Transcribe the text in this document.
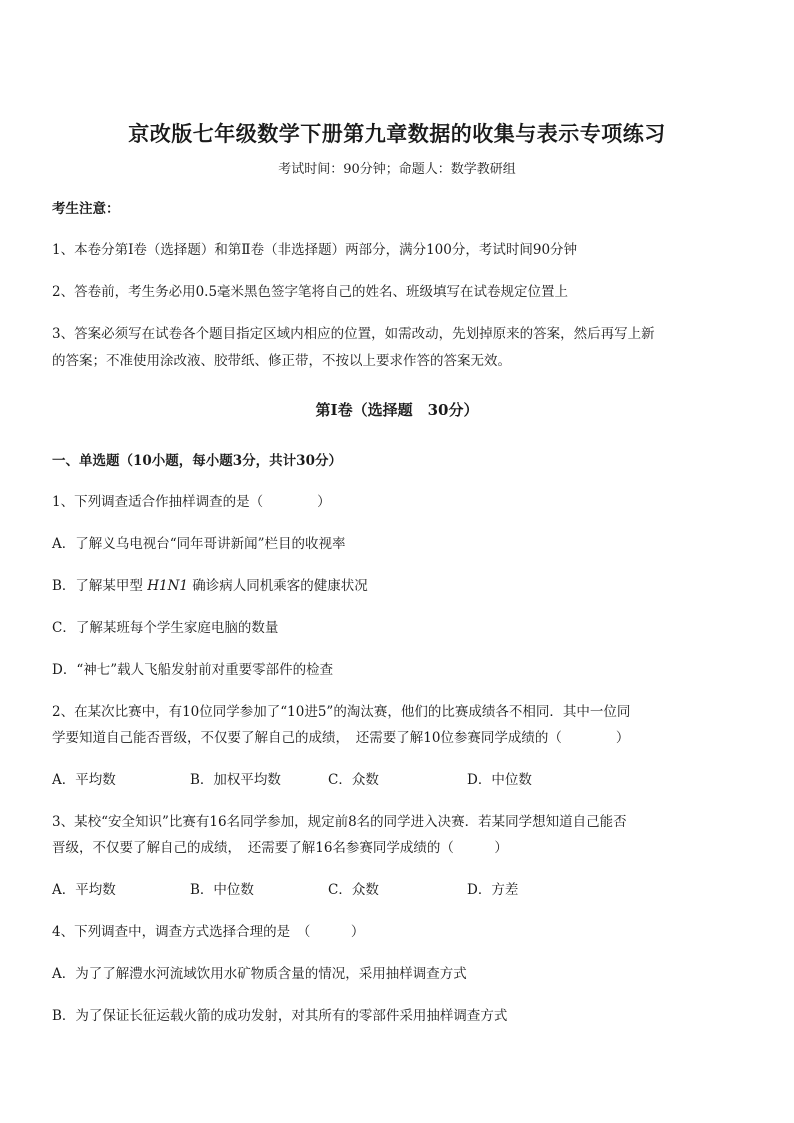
京改版七年级数学下册第九章数据的收集与表示专项练习
考试时间：90分钟；命题人：数学教研组
考生注意：
1、本卷分第Ⅰ卷（选择题）和第Ⅱ卷（非选择题）两部分，满分100分，考试时间90分钟
2、答卷前，考生务必用0.5毫米黑色签字笔将自己的姓名、班级填写在试卷规定位置上
3、答案必须写在试卷各个题目指定区域内相应的位置，如需改动，先划掉原来的答案，然后再写上新
的答案；不准使用涂改液、胶带纸、修正带，不按以上要求作答的答案无效。
第Ⅰ卷（选择题　30分）
一、单选题（10小题，每小题3分，共计30分）
1、下列调查适合作抽样调查的是（　　　　）
A．了解义乌电视台“同年哥讲新闻”栏目的收视率
B．了解某甲型 H1N1 确诊病人同机乘客的健康状况
C．了解某班每个学生家庭电脑的数量
D．“神七”载人飞船发射前对重要零部件的检查
2、在某次比赛中，有10位同学参加了“10进5”的淘汰赛，他们的比赛成绩各不相同．其中一位同
学要知道自己能否晋级，不仅要了解自己的成绩，　还需要了解10位参赛同学成绩的（　　　　）
A．平均数	B．加权平均数	C．众数	D．中位数
3、某校“安全知识”比赛有16名同学参加，规定前8名的同学进入决赛．若某同学想知道自己能否
晋级，不仅要了解自己的成绩，　还需要了解16名参赛同学成绩的（　　　）
A．平均数	B．中位数	C．众数	D．方差
4、下列调查中，调查方式选择合理的是　（　　　）
A．为了了解澧水河流域饮用水矿物质含量的情况，采用抽样调查方式
B．为了保证长征运载火箭的成功发射，对其所有的零部件采用抽样调查方式
